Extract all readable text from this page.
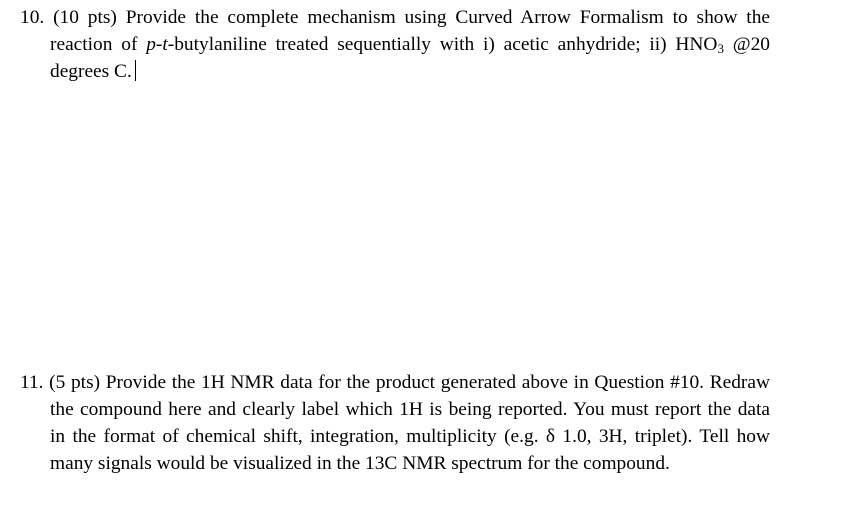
10. (10 pts) Provide the complete mechanism using Curved Arrow Formalism to show the
reaction of p-t-butylaniline treated sequentially with i) acetic anhydride; ii) $HNO_3$ @20
degrees C.
11. (5 pts) Provide the 1H NMR data for the product generated above in Question #10. Redraw
the compound here and clearly label which 1H is being reported. You must report the data
in the format of chemical shift, integration, multiplicity (e.g. δ 1.0, 3H, triplet). Tell how
many signals would be visualized in the 13C NMR spectrum for the compound.
